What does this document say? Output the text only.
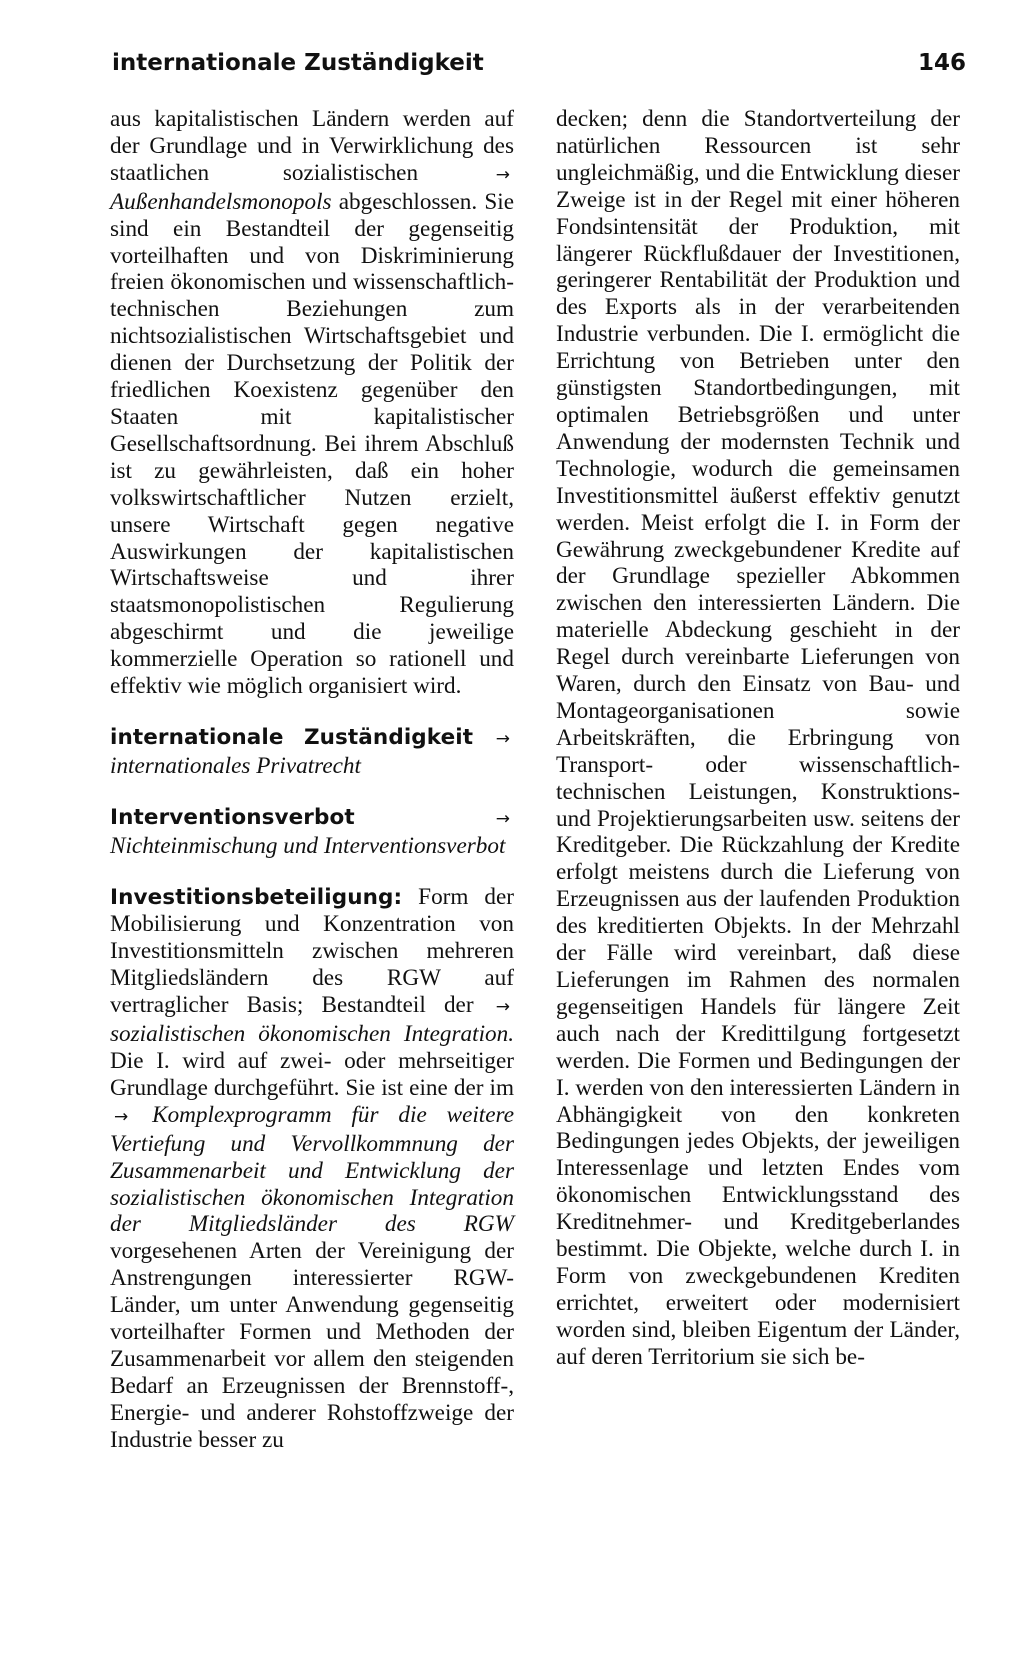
internationale Zuständigkeit	146

aus kapitalistischen Ländern werden auf der Grundlage und in Verwirklichung des staatlichen sozialistischen	→ Außenhandelsmonopols abgeschlossen. Sie sind ein Bestandteil der gegenseitig vorteilhaften und von Diskriminierung freien ökonomischen und wissenschaftlich-technischen Beziehungen zum nichtsozialistischen Wirtschaftsgebiet und dienen der Durchsetzung der Politik der friedlichen Koexistenz gegenüber den Staaten mit kapitalistischer Gesellschaftsordnung. Bei ihrem Abschluß ist zu gewährleisten, daß ein hoher volkswirtschaftlicher Nutzen erzielt, unsere Wirtschaft gegen negative Auswirkungen der kapitalistischen Wirtschaftsweise und ihrer staatsmonopolistischen Regulierung abgeschirmt und die jeweilige kommerzielle Operation so rationell und effektiv wie möglich organisiert wird.

internationale Zuständigkeit → internationales Privatrecht

Interventionsverbot	→ Nichteinmischung und Interventionsverbot

Investitionsbeteiligung: Form der Mobilisierung und Konzentration von Investitionsmitteln zwischen mehreren Mitgliedsländern des RGW auf vertraglicher Basis; Bestandteil der → sozialistischen ökonomischen Integration. Die I. wird auf zwei- oder mehrseitiger Grundlage durchgeführt. Sie ist eine der im → Komplexprogramm für die weitere Vertiefung und Vervollkommnung der Zusammenarbeit und Entwicklung der sozialistischen ökonomischen Integration der Mitgliedsländer des RGW vorgesehenen Arten der Vereinigung der Anstrengungen interessierter RGW-Länder, um unter Anwendung gegenseitig vorteilhafter Formen und Methoden der Zusammenarbeit vor allem den steigenden Bedarf an Erzeugnissen der Brennstoff-, Energie- und anderer Rohstoffzweige der Industrie besser zu

decken; denn die Standortverteilung der natürlichen Ressourcen ist sehr ungleichmäßig, und die Entwicklung dieser Zweige ist in der Regel mit einer höheren Fondsintensität der Produktion, mit längerer Rückflußdauer der Investitionen, geringerer Rentabilität der Produktion und des Exports als in der verarbeitenden Industrie verbunden. Die I. ermöglicht die Errichtung von Betrieben unter den günstigsten Standortbedingungen, mit optimalen Betriebsgrößen und unter Anwendung der modernsten Technik und Technologie, wodurch die gemeinsamen Investitionsmittel äußerst effektiv genutzt werden. Meist erfolgt die I. in Form der Gewährung zweckgebundener Kredite auf der Grundlage spezieller Abkommen zwischen den interessierten Ländern. Die materielle Abdeckung geschieht in der Regel durch vereinbarte Lieferungen von Waren, durch den Einsatz von Bau- und Montageorganisationen sowie Arbeitskräften, die Erbringung von Transport- oder wissenschaftlich-technischen Leistungen, Konstruktions- und Projektierungsarbeiten usw. seitens der Kreditgeber. Die Rückzahlung der Kredite erfolgt meistens durch die Lieferung von Erzeugnissen aus der laufenden Produktion des kreditierten Objekts. In der Mehrzahl der Fälle wird vereinbart, daß diese Lieferungen im Rahmen des normalen gegenseitigen Handels für längere Zeit auch nach der Kredittilgung fortgesetzt werden. Die Formen und Bedingungen der I. werden von den interessierten Ländern in Abhängigkeit von den konkreten Bedingungen jedes Objekts, der jeweiligen Interessenlage und letzten Endes vom ökonomischen Entwicklungsstand des Kreditnehmer- und Kreditgeberlandes bestimmt. Die Objekte, welche durch I. in Form von zweckgebundenen Krediten errichtet, erweitert oder modernisiert worden sind, bleiben Eigentum der Länder, auf deren Territorium sie sich be-
